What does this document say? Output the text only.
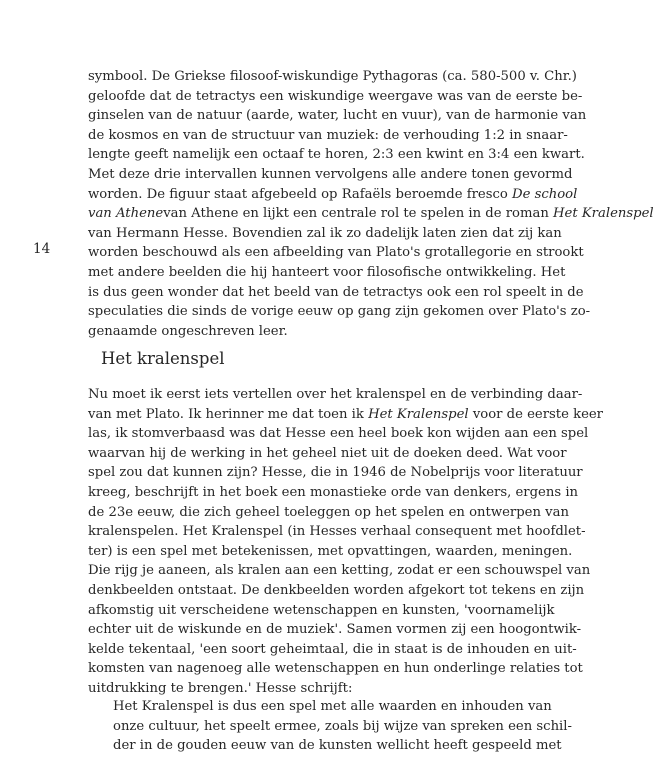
14

symbool. De Griekse filosoof-wiskundige Pythagoras (ca. 580-500 v. Chr.)
geloofde dat de tetractys een wiskundige weergave was van de eerste be-
ginselen van de natuur (aarde, water, lucht en vuur), van de harmonie van
de kosmos en van de structuur van muziek: de verhouding 1:2 in snaar-
lengte geeft namelijk een octaaf te horen, 2:3 een kwint en 3:4 een kwart.
Met deze drie intervallen kunnen vervolgens alle andere tonen gevormd
worden. De figuur staat afgebeeld op Rafaëls beroemde fresco De school
van Athenevan Athene en lijkt een centrale rol te spelen in de roman Het Kralenspel
van Hermann Hesse. Bovendien zal ik zo dadelijk laten zien dat zij kan
worden beschouwd als een afbeelding van Plato's grotallegorie en strookt
met andere beelden die hij hanteert voor filosofische ontwikkeling. Het
is dus geen wonder dat het beeld van de tetractys ook een rol speelt in de
speculaties die sinds de vorige eeuw op gang zijn gekomen over Plato's zo-
genaamde ongeschreven leer.

Het kralenspel

Nu moet ik eerst iets vertellen over het kralenspel en de verbinding daar-
van met Plato. Ik herinner me dat toen ik Het Kralenspel voor de eerste keer
las, ik stomverbaasd was dat Hesse een heel boek kon wijden aan een spel
waarvan hij de werking in het geheel niet uit de doeken deed. Wat voor
spel zou dat kunnen zijn? Hesse, die in 1946 de Nobelprijs voor literatuur
kreeg, beschrijft in het boek een monastieke orde van denkers, ergens in
de 23e eeuw, die zich geheel toeleggen op het spelen en ontwerpen van
kralenspelen. Het Kralenspel (in Hesses verhaal consequent met hoofdlet-
ter) is een spel met betekenissen, met opvattingen, waarden, meningen.
Die rijg je aaneen, als kralen aan een ketting, zodat er een schouwspel van
denkbeelden ontstaat. De denkbeelden worden afgekort tot tekens en zijn
afkomstig uit verscheidene wetenschappen en kunsten, 'voornamelijk
echter uit de wiskunde en de muziek'. Samen vormen zij een hoogontwik-
kelde tekentaal, 'een soort geheimtaal, die in staat is de inhouden en uit-
komsten van nagenoeg alle wetenschappen en hun onderlinge relaties tot
uitdrukking te brengen.' Hesse schrijft:

Het Kralenspel is dus een spel met alle waarden en inhouden van
onze cultuur, het speelt ermee, zoals bij wijze van spreken een schil-
der in de gouden eeuw van de kunsten wellicht heeft gespeeld met
